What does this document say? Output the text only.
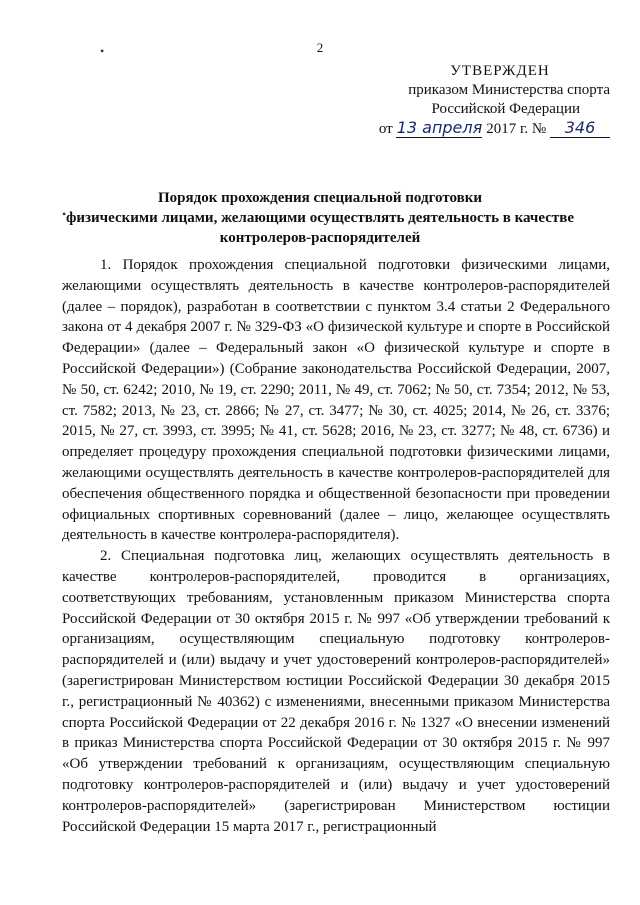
2
•
•
УТВЕРЖДЕН
приказом Министерства спорта
Российской Федерации
от 13 апреля 2017 г. № 346
Порядок прохождения специальной подготовки
физическими лицами, желающими осуществлять деятельность в качестве
контролеров-распорядителей

1. Порядок прохождения специальной подготовки физическими лицами, желающими осуществлять деятельность в качестве контролеров-распорядителей (далее – порядок), разработан в соответствии с пунктом 3.4 статьи 2 Федерального закона от 4 декабря 2007 г. № 329-ФЗ «О физической культуре и спорте в Российской Федерации» (далее – Федеральный закон «О физической культуре и спорте в Российской Федерации») (Собрание законодательства Российской Федерации, 2007, № 50, ст. 6242; 2010, № 19, ст. 2290; 2011, № 49, ст. 7062; № 50, ст. 7354; 2012, № 53, ст. 7582; 2013, № 23, ст. 2866; № 27, ст. 3477; № 30, ст. 4025; 2014, № 26, ст. 3376; 2015, № 27, ст. 3993, ст. 3995; № 41, ст. 5628; 2016, № 23, ст. 3277; № 48, ст. 6736) и определяет процедуру прохождения специальной подготовки физическими лицами, желающими осуществлять деятельность в качестве контролеров-распорядителей для обеспечения общественного порядка и общественной безопасности при проведении официальных спортивных соревнований (далее – лицо, желающее осуществлять деятельность в качестве контролера-распорядителя).

2. Специальная подготовка лиц, желающих осуществлять деятельность в качестве контролеров-распорядителей, проводится в организациях, соответствующих требованиям, установленным приказом Министерства спорта Российской Федерации от 30 октября 2015 г. № 997 «Об утверждении требований к организациям, осуществляющим специальную подготовку контролеров-распорядителей и (или) выдачу и учет удостоверений контролеров-распорядителей» (зарегистрирован Министерством юстиции Российской Федерации 30 декабря 2015 г., регистрационный № 40362) с изменениями, внесенными приказом Министерства спорта Российской Федерации от 22 декабря 2016 г. № 1327 «О внесении изменений в приказ Министерства спорта Российской Федерации от 30 октября 2015 г. № 997 «Об утверждении требований к организациям, осуществляющим специальную подготовку контролеров-распорядителей и (или) выдачу и учет удостоверений контролеров-распорядителей» (зарегистрирован Министерством юстиции Российской Федерации 15 марта 2017 г., регистрационный
